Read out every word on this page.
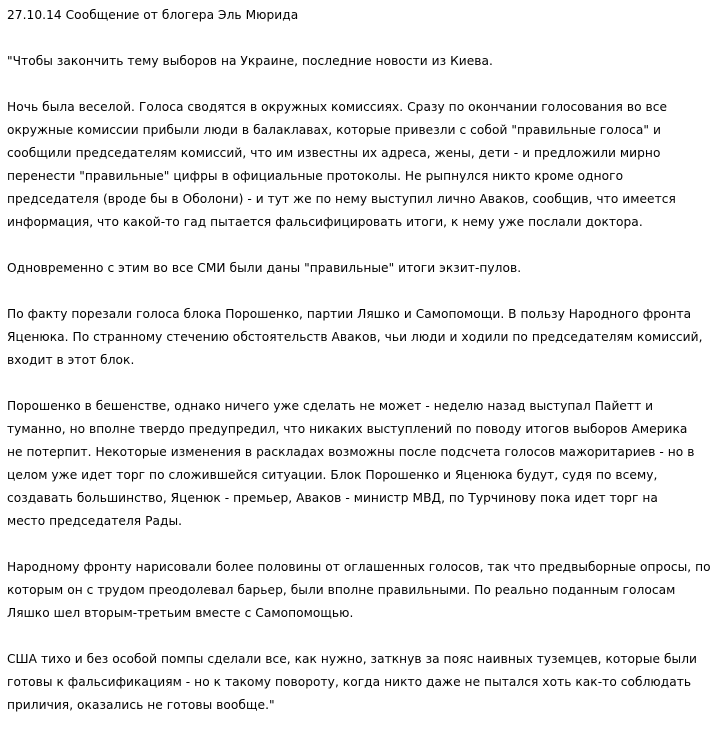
27.10.14 Сообщение от блогера Эль Мюрида

"Чтобы закончить тему выборов на Украине, последние новости из Киева.

Ночь была веселой. Голоса сводятся в окружных комиссиях. Сразу по окончании голосования во все
окружные комиссии прибыли люди в балаклавах, которые привезли с собой "правильные голоса" и
сообщили председателям комиссий, что им известны их адреса, жены, дети - и предложили мирно
перенести "правильные" цифры в официальные протоколы. Не рыпнулся никто кроме одного
председателя (вроде бы в Оболони) - и тут же по нему выступил лично Аваков, сообщив, что имеется
информация, что какой-то гад пытается фальсифицировать итоги, к нему уже послали доктора.

Одновременно с этим во все СМИ были даны "правильные" итоги экзит-пулов.

По факту порезали голоса блока Порошенко, партии Ляшко и Самопомощи. В пользу Народного фронта
Яценюка. По странному стечению обстоятельств Аваков, чьи люди и ходили по председателям комиссий,
входит в этот блок.

Порошенко в бешенстве, однако ничего уже сделать не может - неделю назад выступал Пайетт и
туманно, но вполне твердо предупредил, что никаких выступлений по поводу итогов выборов Америка
не потерпит. Некоторые изменения в раскладах возможны после подсчета голосов мажоритариев - но в
целом уже идет торг по сложившейся ситуации. Блок Порошенко и Яценюка будут, судя по всему,
создавать большинство, Яценюк - премьер, Аваков - министр МВД, по Турчинову пока идет торг на
место председателя Рады.

Народному фронту нарисовали более половины от оглашенных голосов, так что предвыборные опросы, по
которым он с трудом преодолевал барьер, были вполне правильными. По реально поданным голосам
Ляшко шел вторым-третьим вместе с Самопомощью.

США тихо и без особой помпы сделали все, как нужно, заткнув за пояс наивных туземцев, которые были
готовы к фальсификациям - но к такому повороту, когда никто даже не пытался хоть как-то соблюдать
приличия, оказались не готовы вообще."
